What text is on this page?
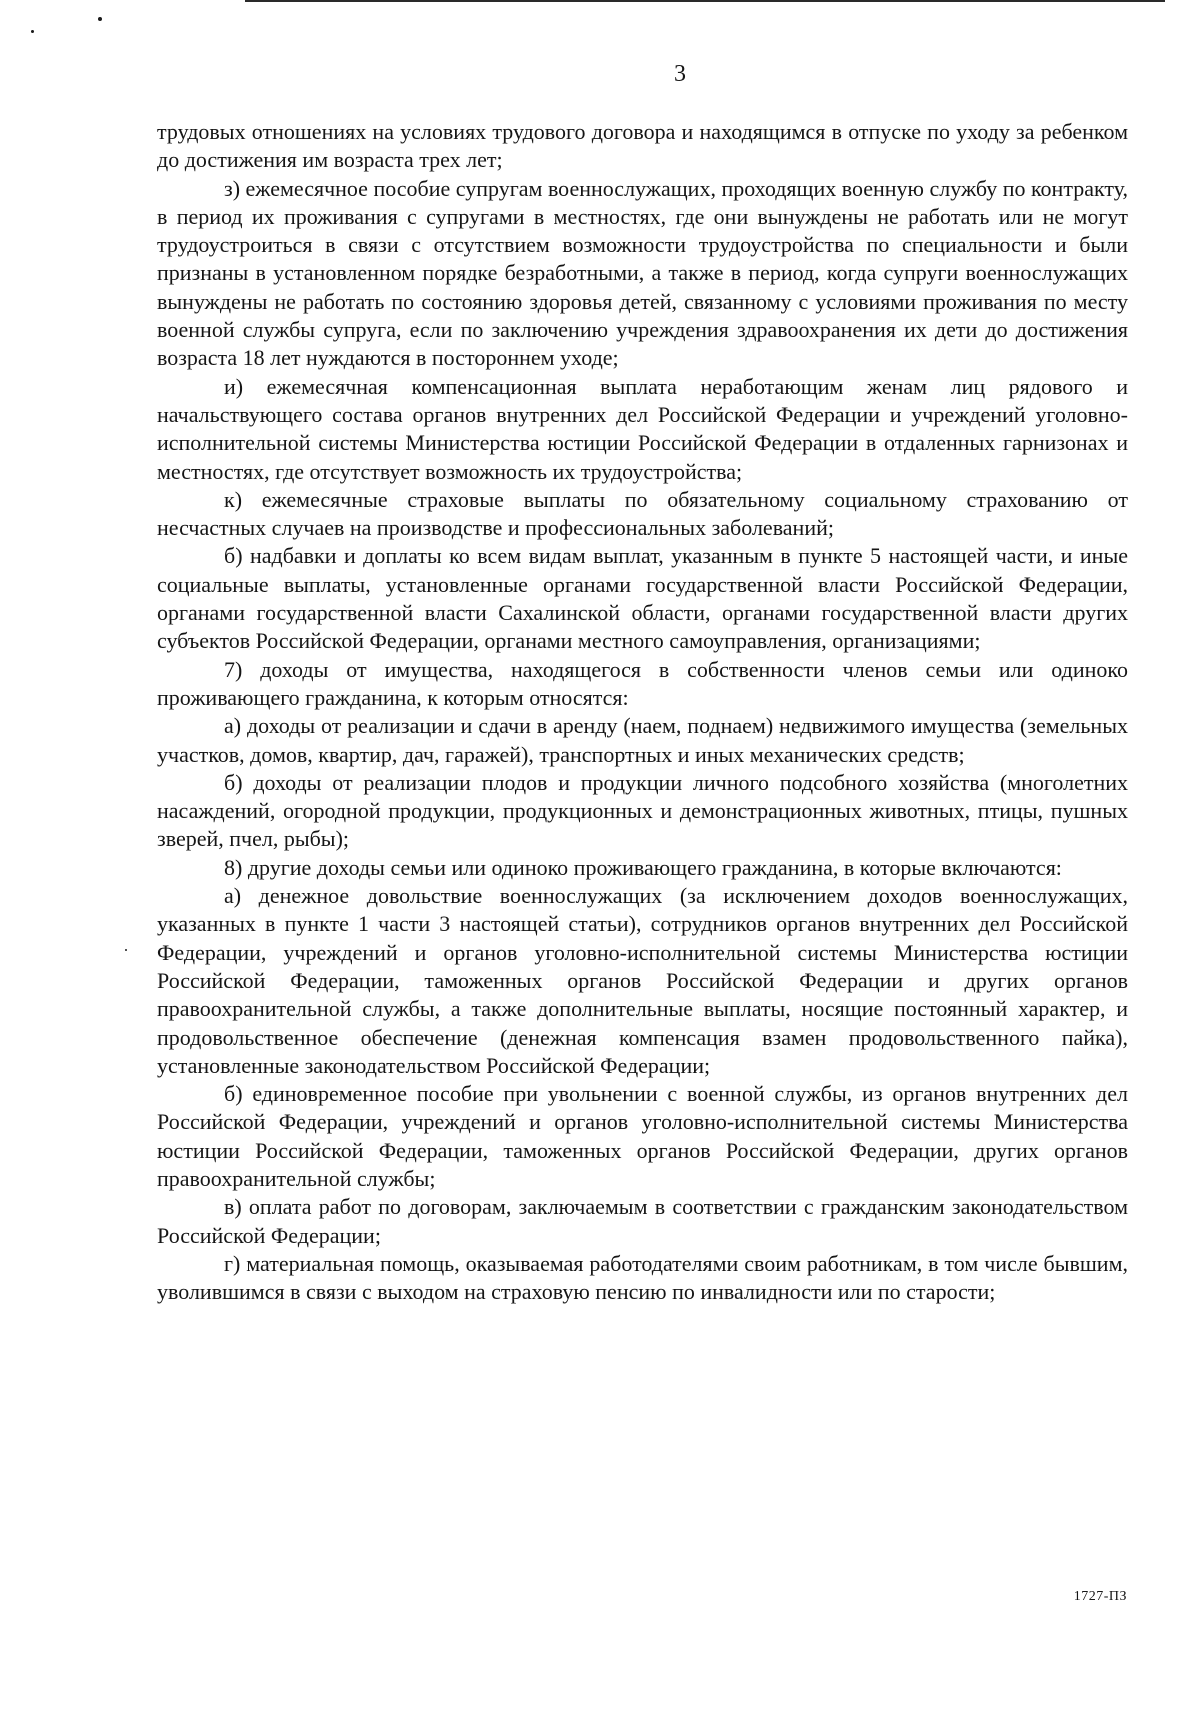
3

трудовых отношениях на условиях трудового договора и находящимся в отпуске по уходу за ребенком до достижения им возраста трех лет;

з) ежемесячное пособие супругам военнослужащих, проходящих военную службу по контракту, в период их проживания с супругами в местностях, где они вынуждены не работать или не могут трудоустроиться в связи с отсутствием возможности трудоустройства по специальности и были признаны в установленном порядке безработными, а также в период, когда супруги военнослужащих вынуждены не работать по состоянию здоровья детей, связанному с условиями проживания по месту военной службы супруга, если по заключению учреждения здравоохранения их дети до достижения возраста 18 лет нуждаются в постороннем уходе;

и) ежемесячная компенсационная выплата неработающим женам лиц рядового и начальствующего состава органов внутренних дел Российской Федерации и учреждений уголовно-исполнительной системы Министерства юстиции Российской Федерации в отдаленных гарнизонах и местностях, где отсутствует возможность их трудоустройства;

к) ежемесячные страховые выплаты по обязательному социальному страхованию от несчастных случаев на производстве и профессиональных заболеваний;

б) надбавки и доплаты ко всем видам выплат, указанным в пункте 5 настоящей части, и иные социальные выплаты, установленные органами государственной власти Российской Федерации, органами государственной власти Сахалинской области, органами государственной власти других субъектов Российской Федерации, органами местного самоуправления, организациями;

7) доходы от имущества, находящегося в собственности членов семьи или одиноко проживающего гражданина, к которым относятся:

а) доходы от реализации и сдачи в аренду (наем, поднаем) недвижимого имущества (земельных участков, домов, квартир, дач, гаражей), транспортных и иных механических средств;

б) доходы от реализации плодов и продукции личного подсобного хозяйства (многолетних насаждений, огородной продукции, продукционных и демонстрационных животных, птицы, пушных зверей, пчел, рыбы);

8) другие доходы семьи или одиноко проживающего гражданина, в которые включаются:

а) денежное довольствие военнослужащих (за исключением доходов военнослужащих, указанных в пункте 1 части 3 настоящей статьи), сотрудников органов внутренних дел Российской Федерации, учреждений и органов уголовно-исполнительной системы Министерства юстиции Российской Федерации, таможенных органов Российской Федерации и других органов правоохранительной службы, а также дополнительные выплаты, носящие постоянный характер, и продовольственное обеспечение (денежная компенсация взамен продовольственного пайка), установленные законодательством Российской Федерации;

б) единовременное пособие при увольнении с военной службы, из органов внутренних дел Российской Федерации, учреждений и органов уголовно-исполнительной системы Министерства юстиции Российской Федерации, таможенных органов Российской Федерации, других органов правоохранительной службы;

в) оплата работ по договорам, заключаемым в соответствии с гражданским законодательством Российской Федерации;

г) материальная помощь, оказываемая работодателями своим работникам, в том числе бывшим, уволившимся в связи с выходом на страховую пенсию по инвалидности или по старости;

1727-ПЗ
